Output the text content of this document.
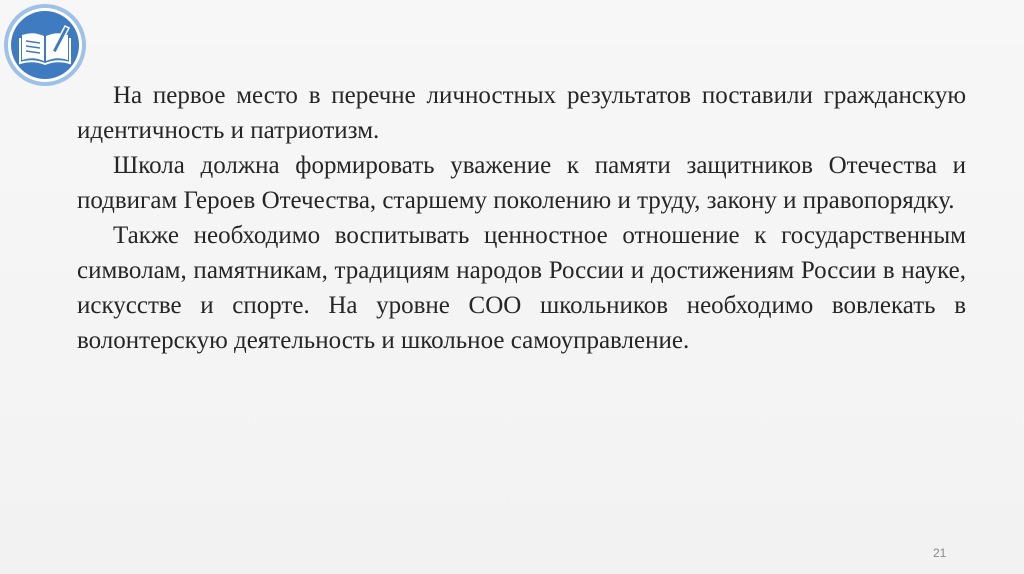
На первое место в перечне личностных результатов поставили гражданскую идентичность и патриотизм.

Школа должна формировать уважение к памяти защитников Отечества и подвигам Героев Отечества, старшему поколению и труду, закону и правопорядку.

Также необходимо воспитывать ценностное отношение к государственным символам, памятникам, традициям народов России и достижениям России в науке, искусстве и спорте. На уровне СОО школьников необходимо вовлекать в волонтерскую деятельность и школьное самоуправление.

21
